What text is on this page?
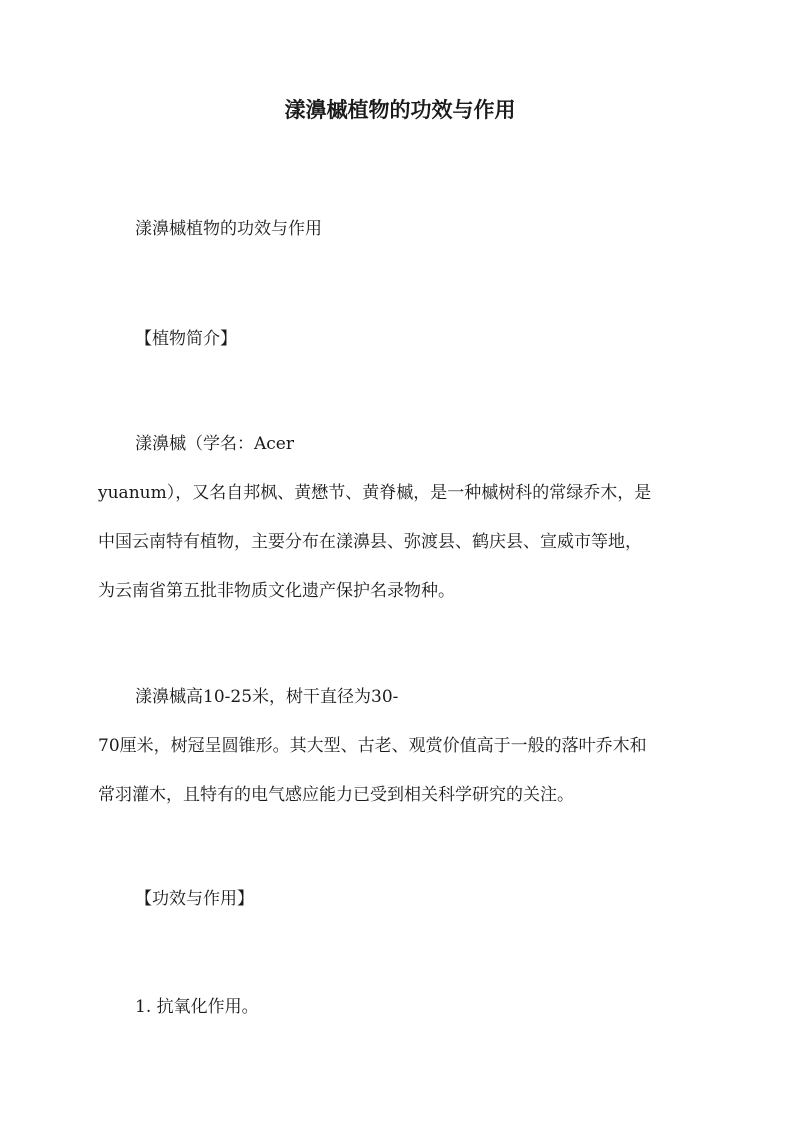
漾濞槭植物的功效与作用

漾濞槭植物的功效与作用

【植物简介】

漾濞槭（学名：Acer

yuanum），又名自邦枫、黄懋节、黄脊槭，是一种槭树科的常绿乔木，是

中国云南特有植物，主要分布在漾濞县、弥渡县、鹤庆县、宣威市等地，

为云南省第五批非物质文化遗产保护名录物种。

漾濞槭高10-25米，树干直径为30-

70厘米，树冠呈圆锥形。其大型、古老、观赏价值高于一般的落叶乔木和

常羽灌木，且特有的电气感应能力已受到相关科学研究的关注。

【功效与作用】

1. 抗氧化作用。
